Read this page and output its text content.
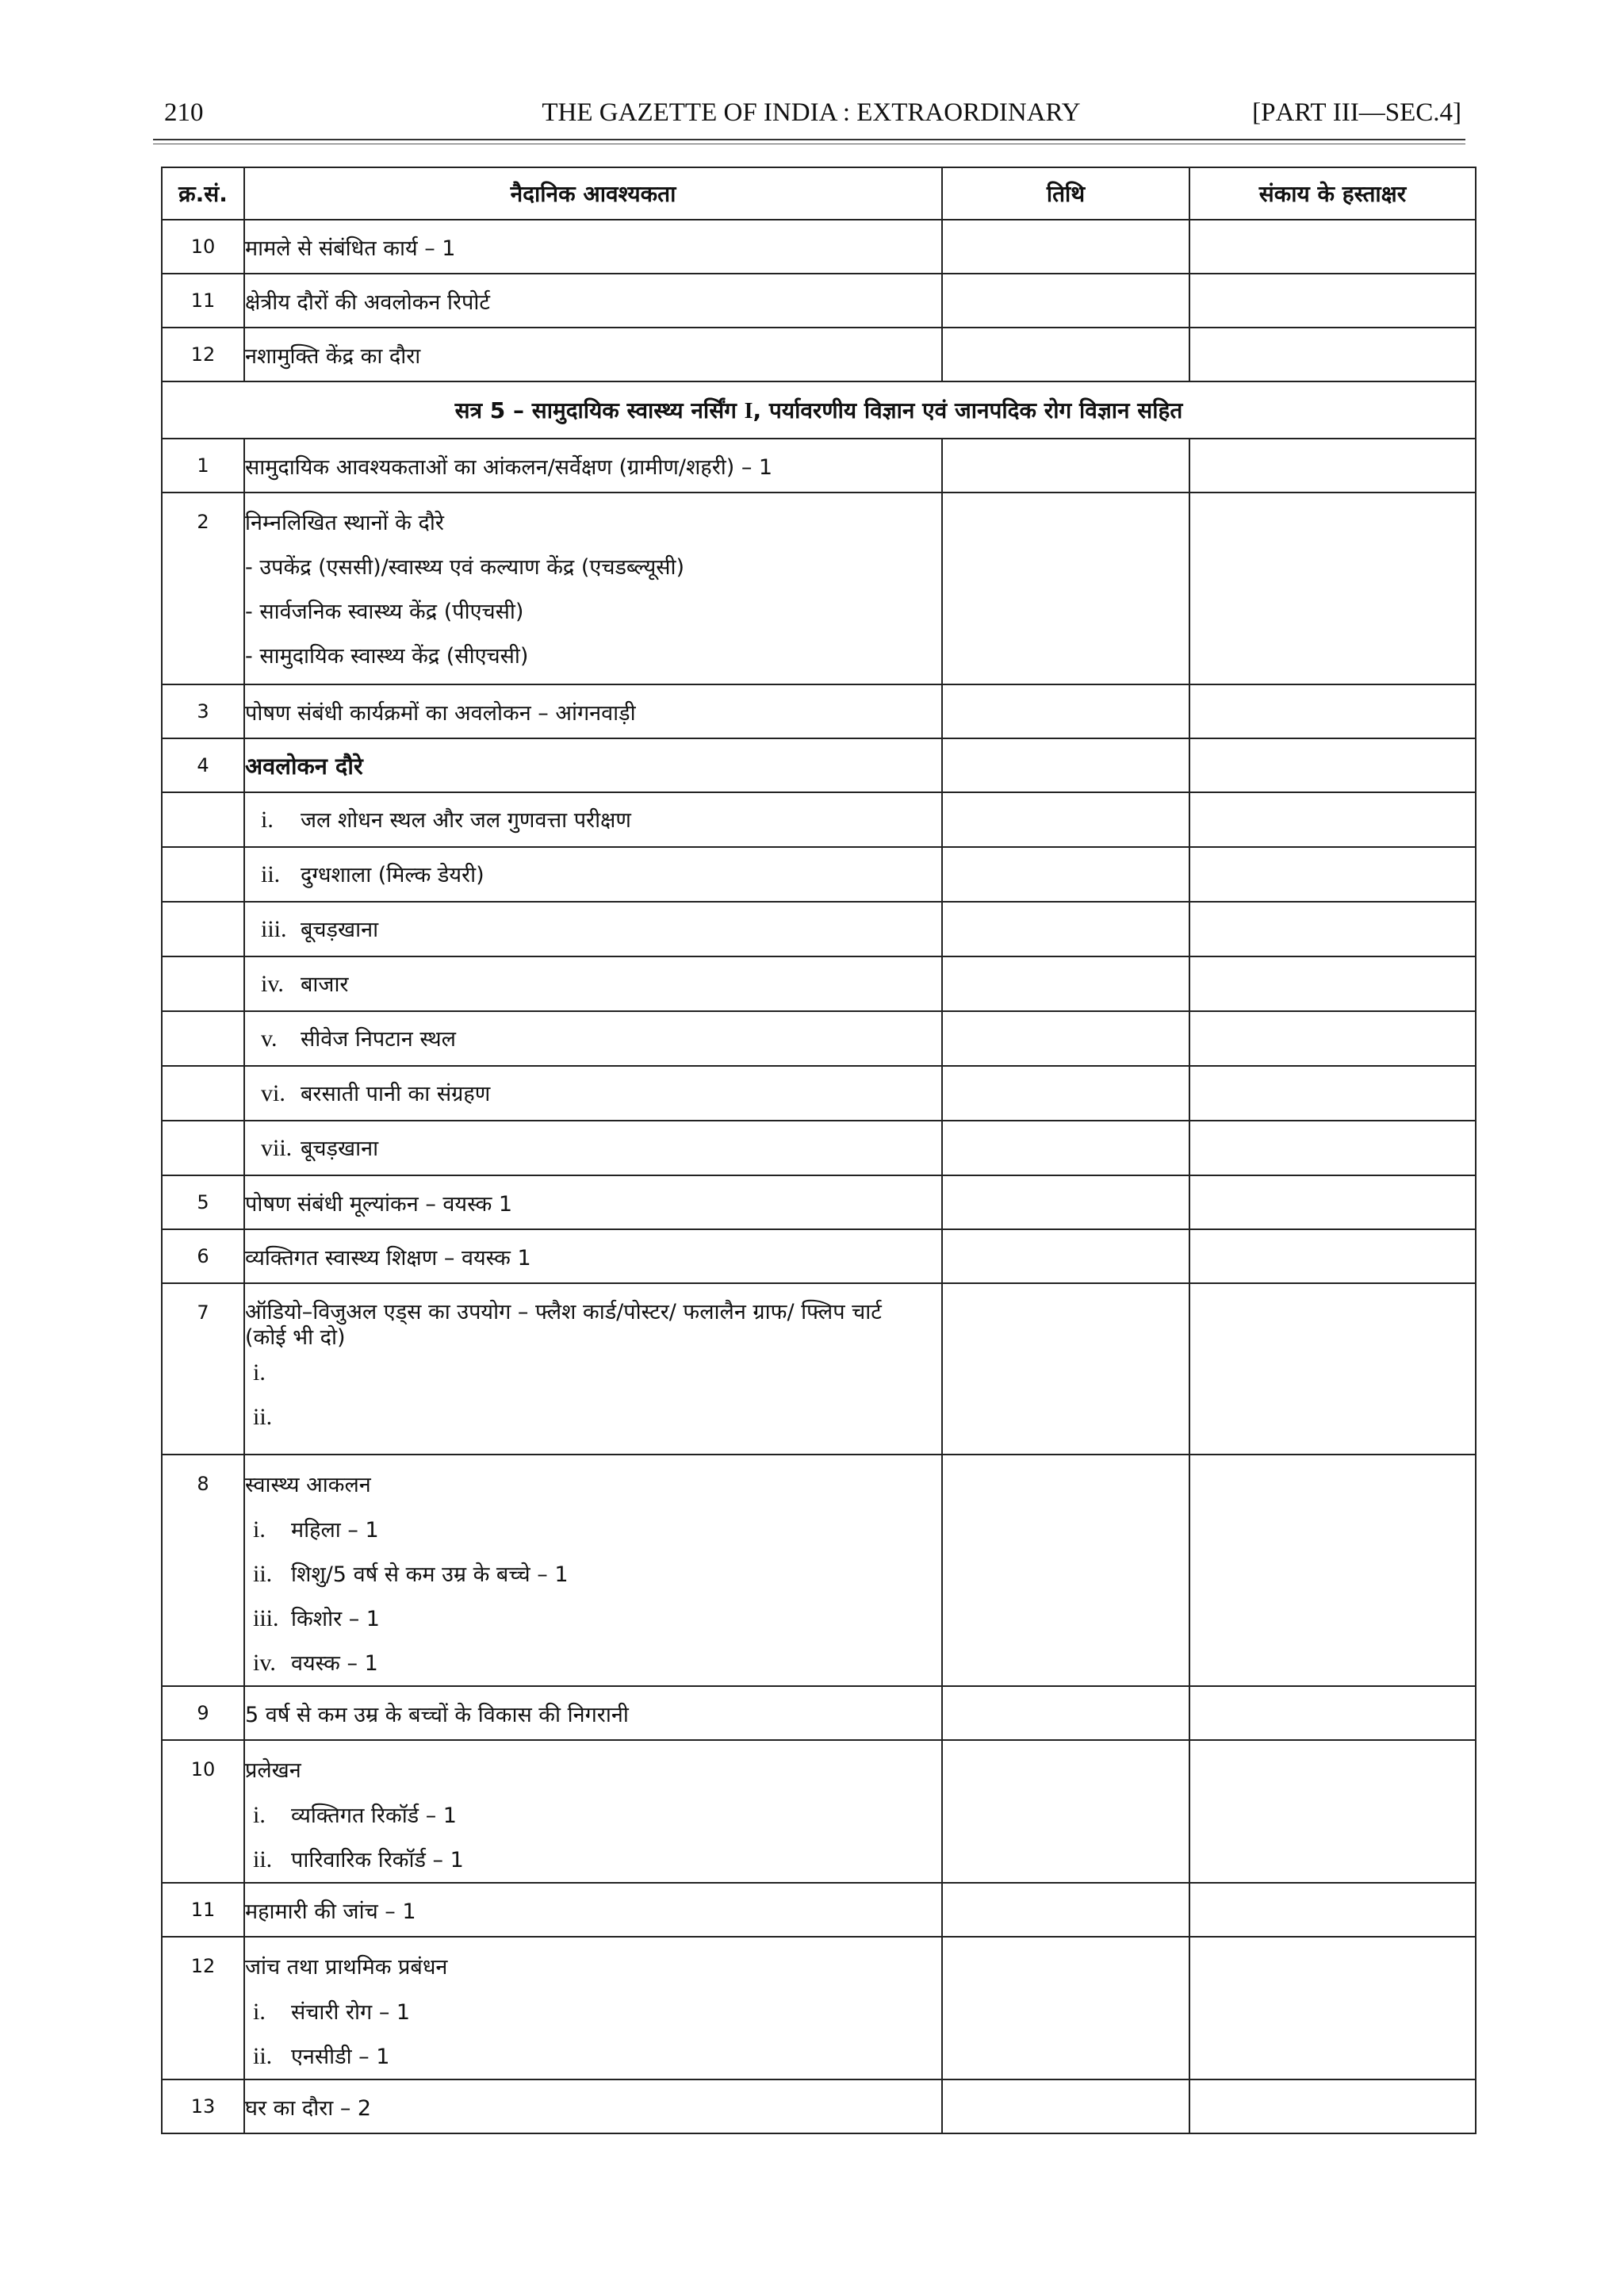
210	THE GAZETTE OF INDIA : EXTRAORDINARY	[PART III—SEC.4]
क्र.सं.	नैदानिक आवश्यकता	तिथि	संकाय के हस्ताक्षर
10	मामले से संबंधित कार्य – 1		
11	क्षेत्रीय दौरों की अवलोकन रिपोर्ट		
12	नशामुक्ति केंद्र का दौरा		
सत्र 5 – सामुदायिक स्वास्थ्य नर्सिंग I, पर्यावरणीय विज्ञान एवं जानपदिक रोग विज्ञान सहित			
1	सामुदायिक आवश्यकताओं का आंकलन/सर्वेक्षण (ग्रामीण/शहरी) – 1		
2	निम्नलिखित स्थानों के दौरे
- उपकेंद्र (एससी)/स्वास्थ्य एवं कल्याण केंद्र (एचडब्ल्यूसी)
- सार्वजनिक स्वास्थ्य केंद्र (पीएचसी)
- सामुदायिक स्वास्थ्य केंद्र (सीएचसी)		

3	पोषण संबंधी कार्यक्रमों का अवलोकन – आंगनवाड़ी		
4	अवलोकन दौरे		

	i. जल शोधन स्थल और जल गुणवत्ता परीक्षण		

	ii. दुग्धशाला (मिल्क डेयरी)		

	iii. बूचड़खाना		

	iv. बाजार		

	v. सीवेज निपटान स्थल		

	vi. बरसाती पानी का संग्रहण		

	vii. बूचड़खाना		

5	पोषण संबंधी मूल्यांकन – वयस्क 1		
6	व्यक्तिगत स्वास्थ्य शिक्षण – वयस्क 1		
7	ऑडियो–विजुअल एड्स का उपयोग – फ्लैश कार्ड/पोस्टर/ फलालैन ग्राफ/ फ्लिप चार्ट (कोई भी दो)
i.
ii.		

8	स्वास्थ्य आकलन
i. महिला – 1
ii. शिशु/5 वर्ष से कम उम्र के बच्चे – 1
iii. किशोर – 1
iv. वयस्क – 1		

9	5 वर्ष से कम उम्र के बच्चों के विकास की निगरानी		
10	प्रलेखन
i. व्यक्तिगत रिकॉर्ड – 1
ii. पारिवारिक रिकॉर्ड – 1		

11	महामारी की जांच – 1		
12	जांच तथा प्राथमिक प्रबंधन
i. संचारी रोग – 1
ii. एनसीडी – 1		

13	घर का दौरा – 2		
